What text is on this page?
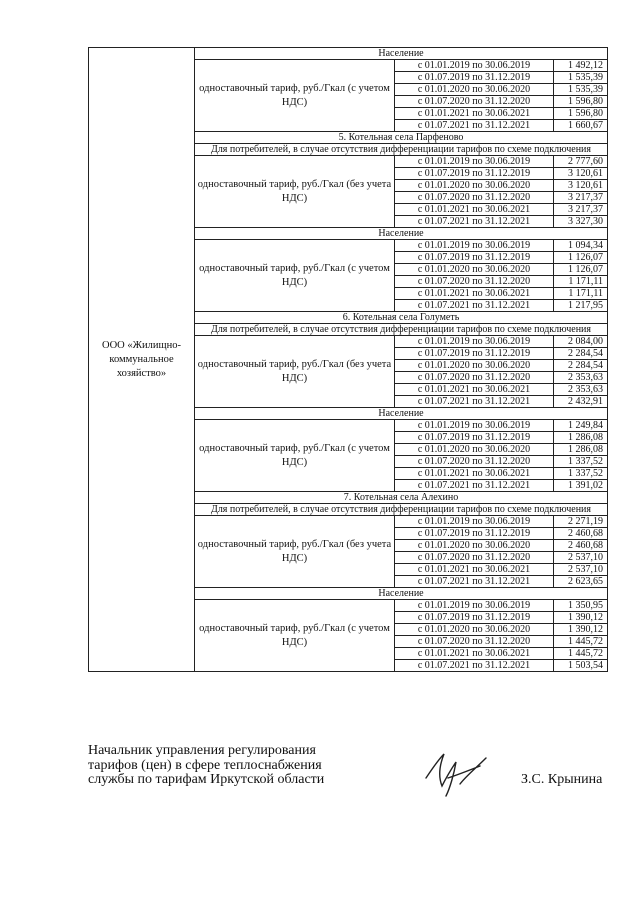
ООО «Жилищно-коммунальное хозяйство»	Население		
	одноставочный тариф, руб./Гкал (с учетом НДС)	с 01.01.2019 по 30.06.2019	1 492,12
		с 01.07.2019 по 31.12.2019	1 535,39
		с 01.01.2020 по 30.06.2020	1 535,39
		с 01.07.2020 по 31.12.2020	1 596,80
		с 01.01.2021 по 30.06.2021	1 596,80
		с 01.07.2021 по 31.12.2021	1 660,67
	5. Котельная села Парфеново		
	Для потребителей, в случае отсутствия дифференциации тарифов по схеме подключения		
	одноставочный тариф, руб./Гкал (без учета НДС)	с 01.01.2019 по 30.06.2019	2 777,60
		с 01.07.2019 по 31.12.2019	3 120,61
		с 01.01.2020 по 30.06.2020	3 120,61
		с 01.07.2020 по 31.12.2020	3 217,37
		с 01.01.2021 по 30.06.2021	3 217,37
		с 01.07.2021 по 31.12.2021	3 327,30
	Население		
	одноставочный тариф, руб./Гкал (с учетом НДС)	с 01.01.2019 по 30.06.2019	1 094,34
		с 01.07.2019 по 31.12.2019	1 126,07
		с 01.01.2020 по 30.06.2020	1 126,07
		с 01.07.2020 по 31.12.2020	1 171,11
		с 01.01.2021 по 30.06.2021	1 171,11
		с 01.07.2021 по 31.12.2021	1 217,95
	6. Котельная села Голуметь		
	Для потребителей, в случае отсутствия дифференциации тарифов по схеме подключения		
	одноставочный тариф, руб./Гкал (без учета НДС)	с 01.01.2019 по 30.06.2019	2 084,00
		с 01.07.2019 по 31.12.2019	2 284,54
		с 01.01.2020 по 30.06.2020	2 284,54
		с 01.07.2020 по 31.12.2020	2 353,63
		с 01.01.2021 по 30.06.2021	2 353,63
		с 01.07.2021 по 31.12.2021	2 432,91
	Население		
	одноставочный тариф, руб./Гкал (с учетом НДС)	с 01.01.2019 по 30.06.2019	1 249,84
		с 01.07.2019 по 31.12.2019	1 286,08
		с 01.01.2020 по 30.06.2020	1 286,08
		с 01.07.2020 по 31.12.2020	1 337,52
		с 01.01.2021 по 30.06.2021	1 337,52
		с 01.07.2021 по 31.12.2021	1 391,02
	7. Котельная села Алехино		
	Для потребителей, в случае отсутствия дифференциации тарифов по схеме подключения		
	одноставочный тариф, руб./Гкал (без учета НДС)	с 01.01.2019 по 30.06.2019	2 271,19
		с 01.07.2019 по 31.12.2019	2 460,68
		с 01.01.2020 по 30.06.2020	2 460,68
		с 01.07.2020 по 31.12.2020	2 537,10
		с 01.01.2021 по 30.06.2021	2 537,10
		с 01.07.2021 по 31.12.2021	2 623,65
	Население		
	одноставочный тариф, руб./Гкал (с учетом НДС)	с 01.01.2019 по 30.06.2019	1 350,95
		с 01.07.2019 по 31.12.2019	1 390,12
		с 01.01.2020 по 30.06.2020	1 390,12
		с 01.07.2020 по 31.12.2020	1 445,72
		с 01.01.2021 по 30.06.2021	1 445,72
		с 01.07.2021 по 31.12.2021	1 503,54
Начальник управления регулирования
тарифов (цен) в сфере теплоснабжения
службы по тарифам Иркутской области	З.С. Крынина
